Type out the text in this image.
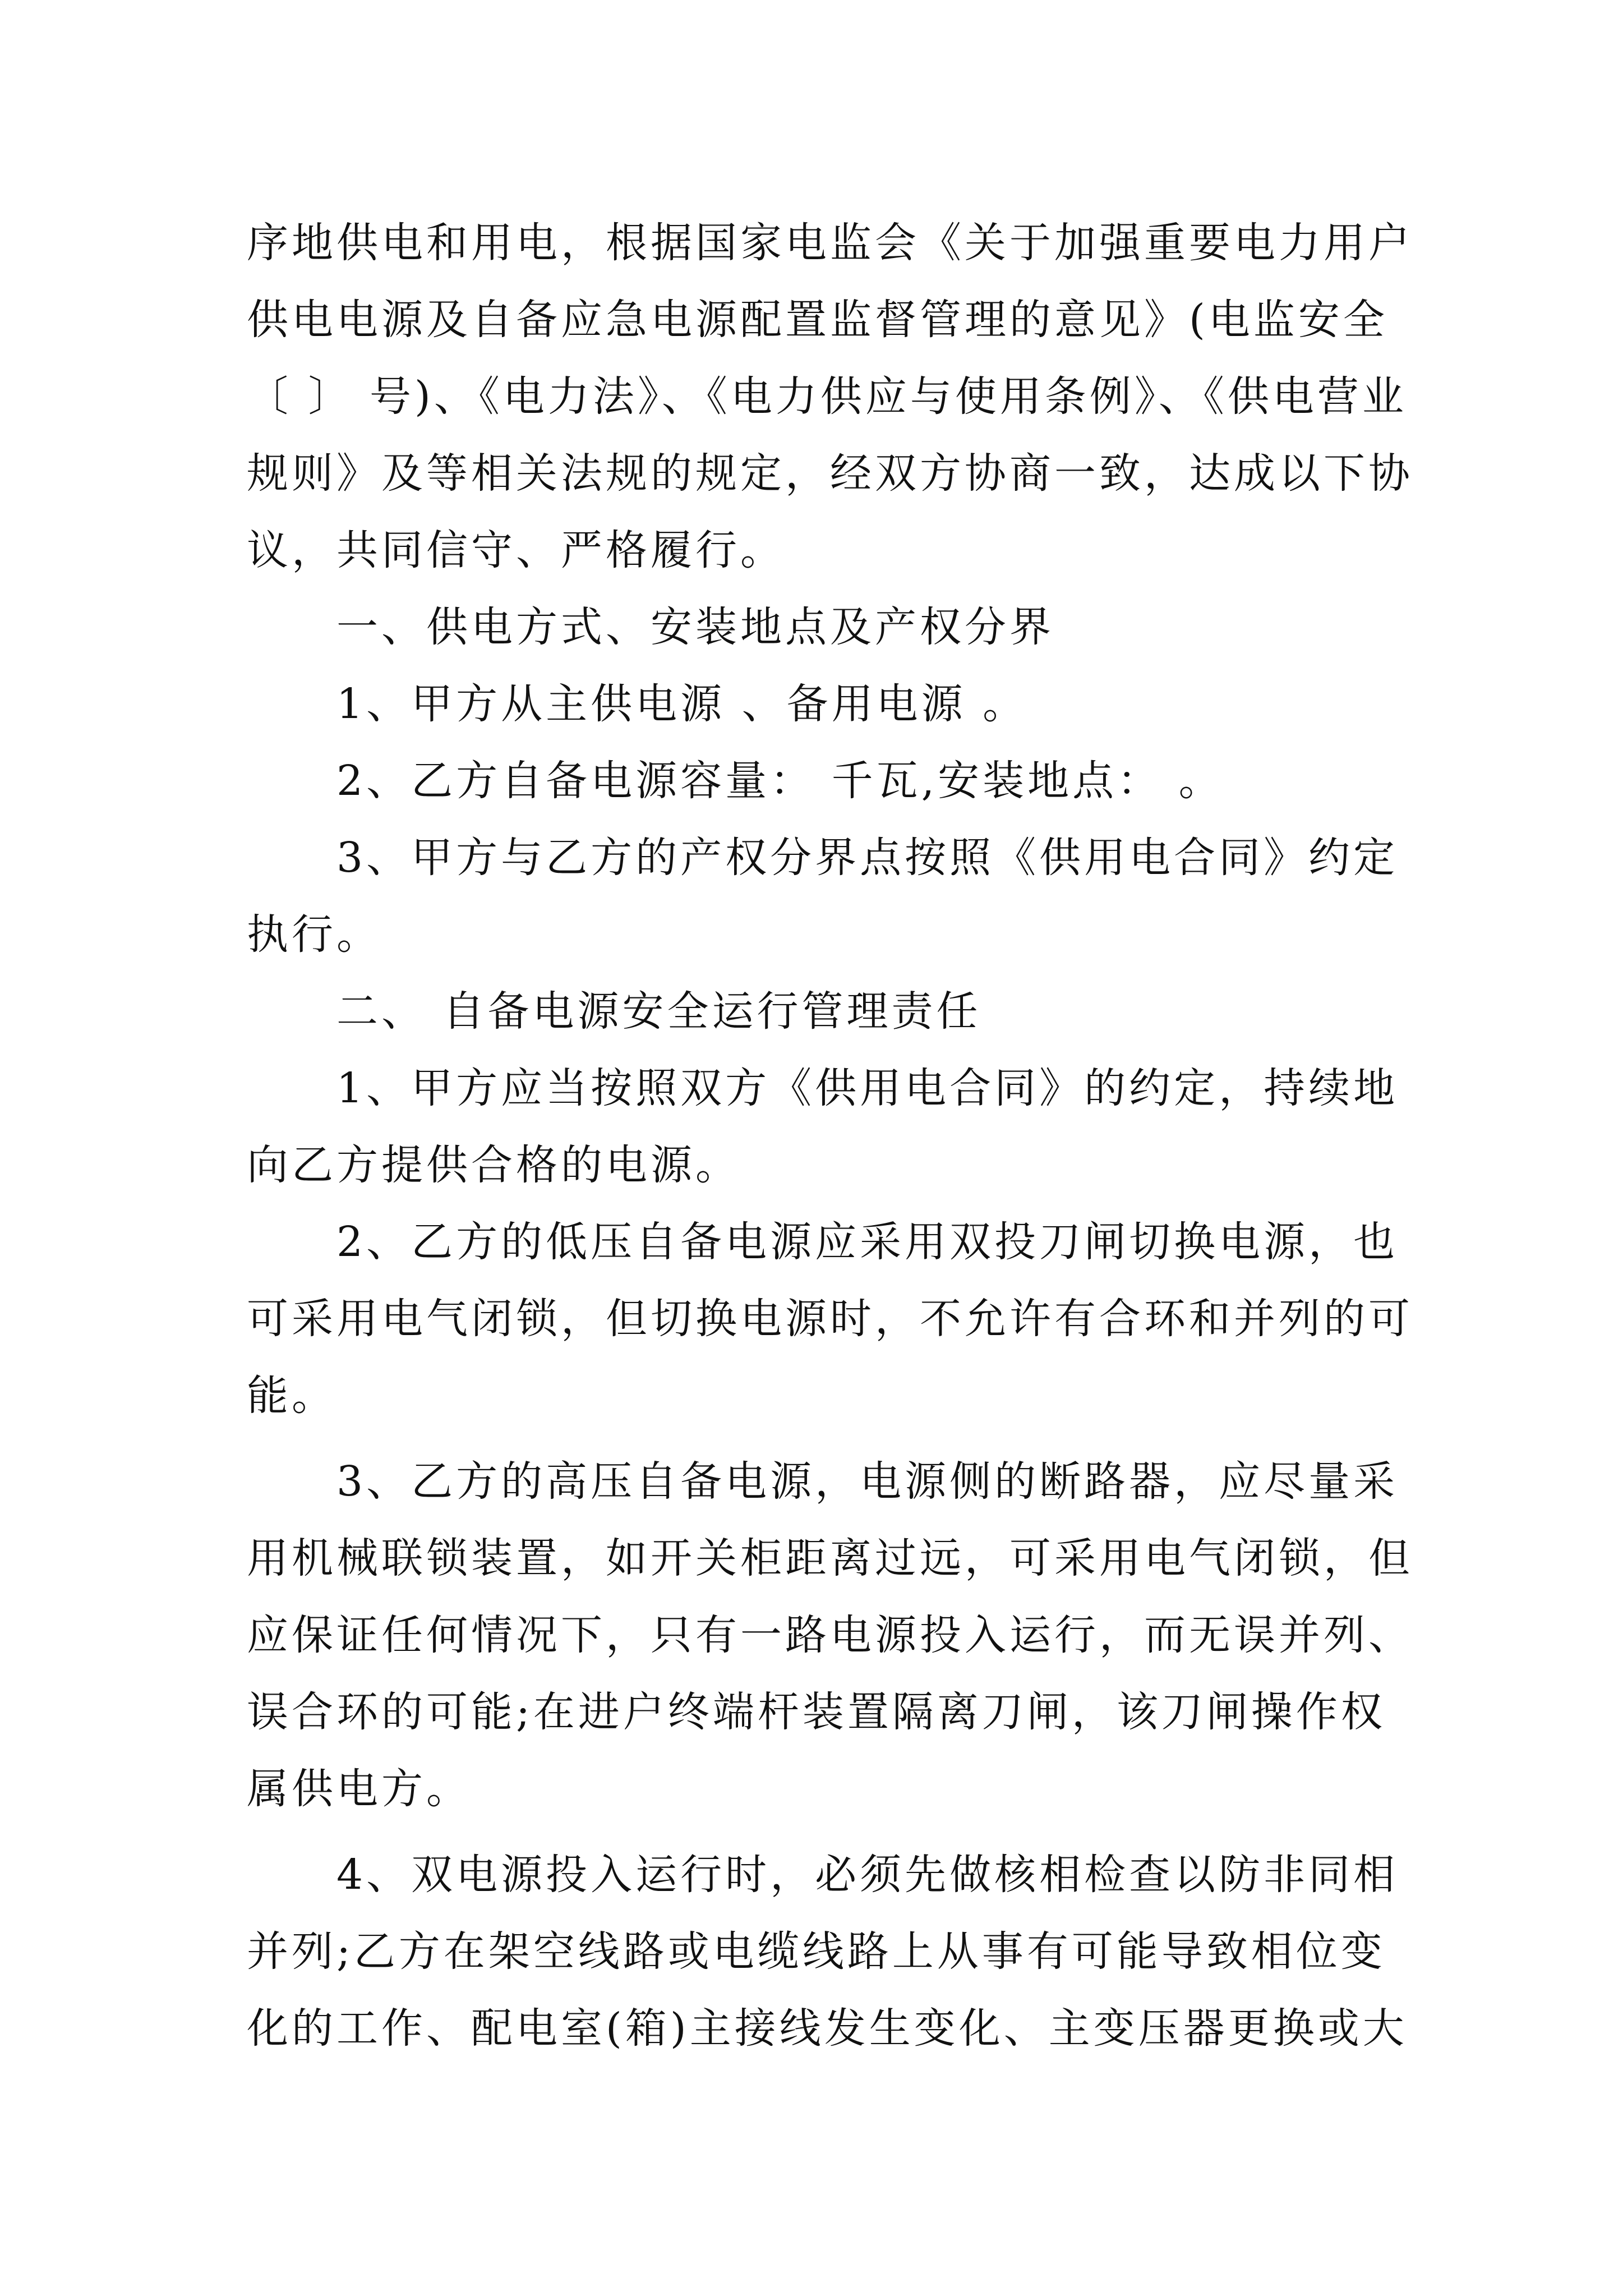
序地供电和用电，根据国家电监会《关于加强重要电力用户
供电电源及自备应急电源配置监督管理的意见》(电监安全
〔 〕 号)、《电力法》、《电力供应与使用条例》、《供电营业
规则》及等相关法规的规定，经双方协商一致，达成以下协
议，共同信守、严格履行。
一、供电方式、安装地点及产权分界
1、甲方从主供电源 、备用电源 。
2、乙方自备电源容量： 千瓦,安装地点： 。
3、甲方与乙方的产权分界点按照《供用电合同》约定
执行。
二、 自备电源安全运行管理责任
1、甲方应当按照双方《供用电合同》的约定，持续地
向乙方提供合格的电源。
2、乙方的低压自备电源应采用双投刀闸切换电源，也
可采用电气闭锁，但切换电源时，不允许有合环和并列的可
能。
3、乙方的高压自备电源，电源侧的断路器，应尽量采
用机械联锁装置，如开关柜距离过远，可采用电气闭锁，但
应保证任何情况下，只有一路电源投入运行，而无误并列、
误合环的可能;在进户终端杆装置隔离刀闸，该刀闸操作权
属供电方。
4、双电源投入运行时，必须先做核相检查以防非同相
并列;乙方在架空线路或电缆线路上从事有可能导致相位变
化的工作、配电室(箱)主接线发生变化、主变压器更换或大
